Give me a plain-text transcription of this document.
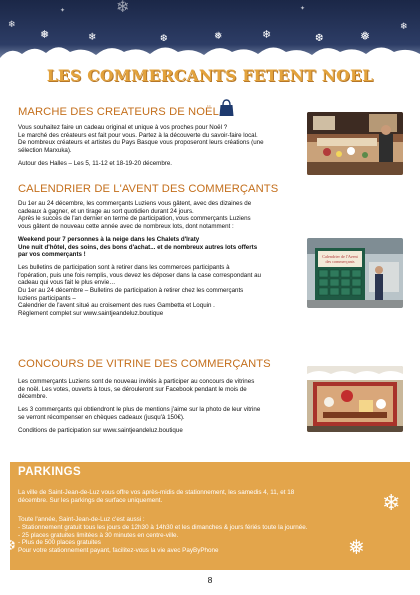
❄
❄
❅	❄	❆	❅	❄	❆	❅
❄
✦
✦
LES COMMERCANTS FETENT NOEL
MARCHE DES CREATEURS DE NOËL

Vous souhaitez faire un cadeau original et unique à vos proches pour Noël ?

Le marché des créateurs est fait pour vous. Partez à la découverte du savoir-faire local.

De nombreux créateurs et artistes du Pays Basque vous proposeront leurs créations (une

sélection Marxuka).

Autour des Halles – Les 5, 11-12 et 18-19-20 décembre.

CALENDRIER DE L'AVENT DES COMMERÇANTS

Du 1er au 24 décembre, les commerçants Luziens vous gâtent, avec des dizaines de

cadeaux à gagner, et un tirage au sort quotidien durant 24 jours.

Après le succès de l'an dernier en terme de participation, vous commerçants Luziens

vous gâtent de nouveau cette année avec de nombreux lots, dont notamment :

Weekend pour 7 personnes à la neige dans les Chalets d'Iraty

Une nuit d'hôtel, des soins, des bons d'achat... et de nombreux autres lots offerts

par vos commerçants !

Les bulletins de participation sont à retirer dans les commerces participants à

l'opération, puis une fois remplis, vous devez les déposer dans la case correspondant au

cadeau qui vous fait le plus envie…

Du 1er au 24 décembre – Bulletins de participation à retirer chez les commerçants

luziens participants –

Calendrier de l'avent situé au croisement des rues Gambetta et Loquin .

Règlement complet sur www.saintjeandeluz.boutique

Calendrier de l'Avent
des commerçants
CONCOURS DE VITRINE DES COMMERÇANTS

Les commerçants Luziens sont de nouveau invités à participer au concours de vitrines

de noël. Les votes, ouverts à tous, se dérouleront sur Facebook pendant le mois de

décembre.

Les 3 commerçants qui obtiendront le plus de mentions j'aime sur la photo de leur vitrine

se verront récompenser en chèques cadeaux (jusqu'à 150€).

Conditions de participation sur www.saintjeandeluz.boutique

PARKINGS

La ville de Saint-Jean-de-Luz vous offre vos après-midis de stationnement, les samedis 4, 11, et 18

décembre. Sur les parkings de surface uniquement.

Toute l'année, Saint-Jean-de-Luz c'est aussi :

- Stationnement gratuit tous les jours de 12h30 à 14h30 et les dimanches & jours fériés toute la journée.

- 25 places gratuites limitées à 30 minutes en centre-ville.

- Plus de 500 places gratuites

Pour votre stationnement payant, facilitez-vous la vie avec PayByPhone

❄
❅
❆
8
